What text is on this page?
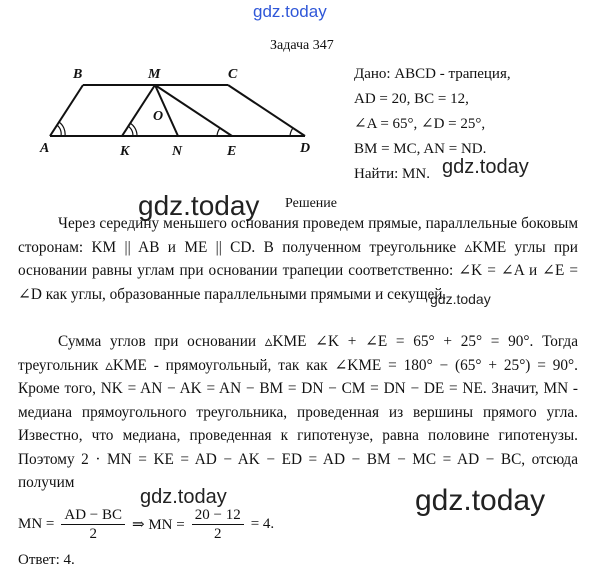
gdz.today
Задача 347
B	M	C
O
A	K	N	E	D
Дано: ABCD - трапеция,
AD = 20, BC = 12,
∠A = 65°, ∠D = 25°,
BM = MC, AN = ND.
Найти: MN. gdz.today
gdz.today Решение
Через середину меньшего основания проведем прямые, параллельные боковым сторонам: KM || AB и ME || CD. В полученном треугольнике ▵KME углы при основании равны углам при основании трапеции соответственно: ∠K = ∠A и ∠E = ∠D как углы, образованные параллельными прямыми и секущей.
gdz.today
Сумма углов при основании ▵KME ∠K + ∠E = 65° + 25° = 90°. Тогда треугольник ▵KME - прямоугольный, так как ∠KME = 180° − (65° + 25°) = 90°. Кроме того, NK = AN − AK = AN − BM = DN − CM = DN − DE = NE. Значит, MN - медиана прямоугольного треугольника, проведенная из вершины прямого угла. Известно, что медиана, проведенная к гипотенузе, равна половине гипотенузы. Поэтому 2 · MN = KE = AD − AK − ED = AD − BM − MC = AD − BC, отсюда получим
gdz.today	gdz.today
MN = $\frac{AD - BC}{2}$ ⇒ MN = $\frac{20 - 12}{2} = 4$.
Ответ: 4.
